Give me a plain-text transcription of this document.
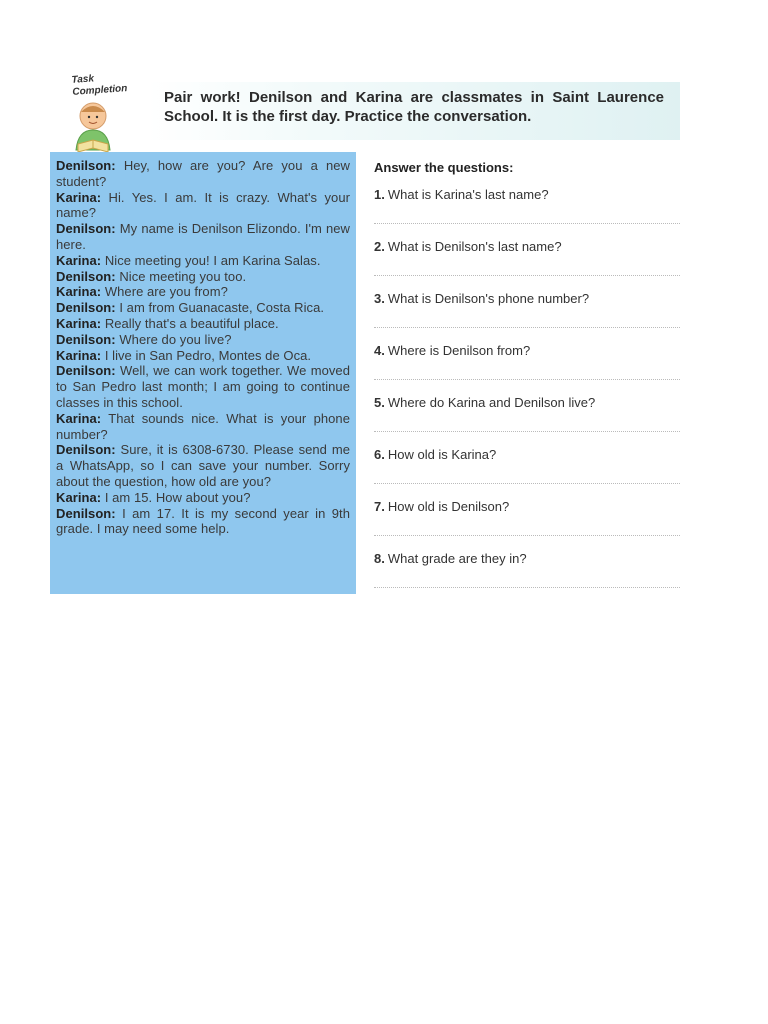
Task
Completion Pair work! Denilson and Karina are classmates in Saint Laurence School. It is the first day. Practice the conversation.

Denilson: Hey, how are you? Are you a new student?

Karina: Hi. Yes. I am. It is crazy. What's your name?

Denilson: My name is Denilson Elizondo. I'm new here.

Karina: Nice meeting you! I am Karina Salas.

Denilson: Nice meeting you too.

Karina: Where are you from?

Denilson: I am from Guanacaste, Costa Rica.

Karina: Really that's a beautiful place.

Denilson: Where do you live?

Karina: I live in San Pedro, Montes de Oca.

Denilson: Well, we can work together. We moved to San Pedro last month; I am going to continue classes in this school.

Karina: That sounds nice. What is your phone number?

Denilson: Sure, it is 6308-6730. Please send me a WhatsApp, so I can save your number. Sorry about the question, how old are you?

Karina: I am 15. How about you?

Denilson: I am 17. It is my second year in 9th grade. I may need some help.

Answer the questions:
1. What is Karina's last name?
2. What is Denilson's last name?
3. What is Denilson's phone number?
4. Where is Denilson from?
5. Where do Karina and Denilson live?
6. How old is Karina?
7. How old is Denilson?
8. What grade are they in?
